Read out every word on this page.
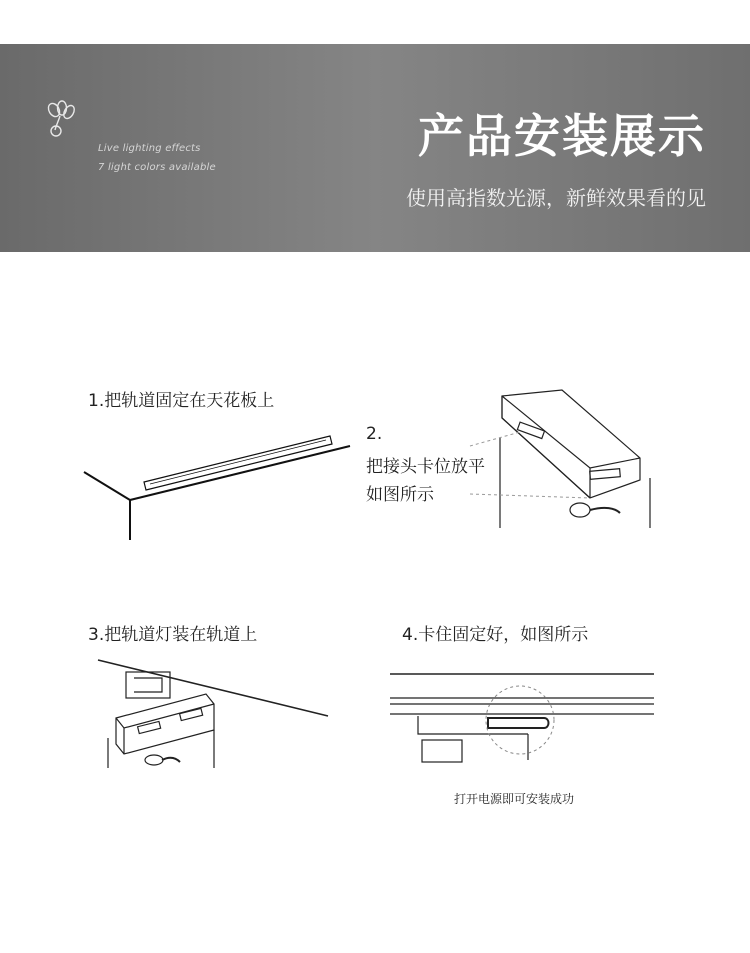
Live lighting effects
7 light colors available
产品安装展示
使用高指数光源，新鲜效果看的见
1.把轨道固定在天花板上
2.
把接头卡位放平
如图所示
3.把轨道灯装在轨道上	4.卡住固定好，如图所示
打开电源即可安装成功
